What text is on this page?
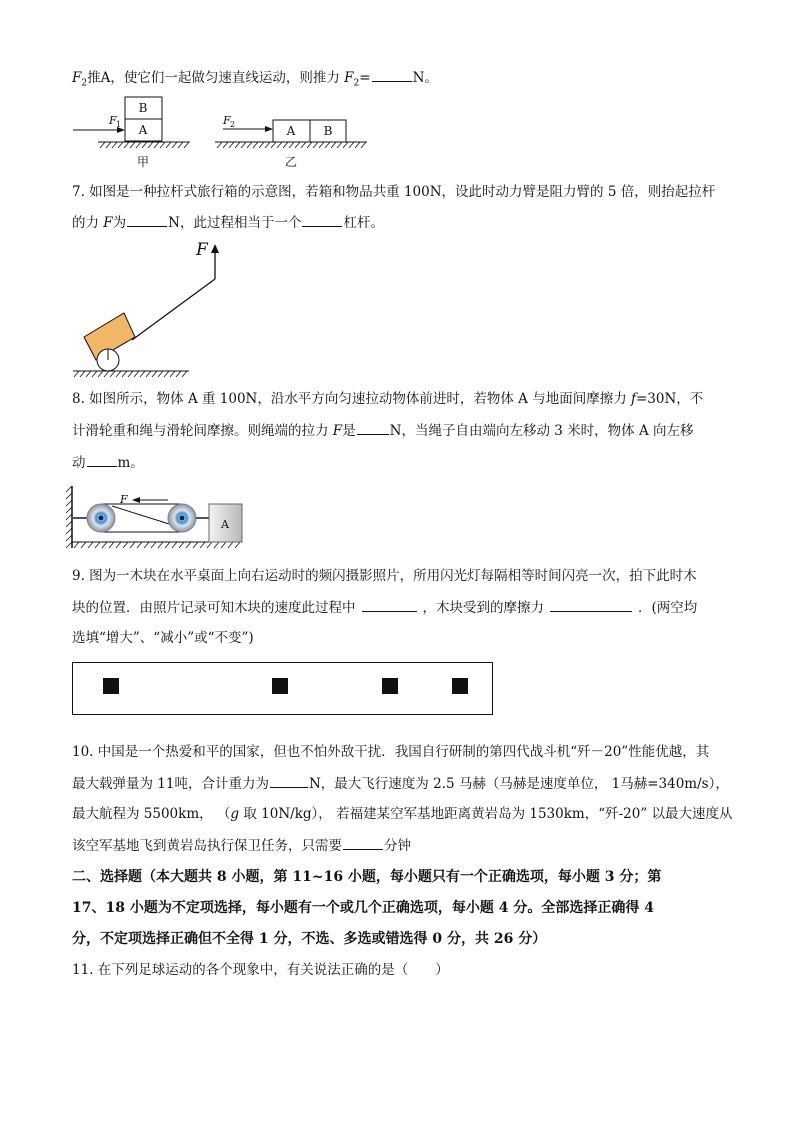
$F_2$推A，使它们一起做匀速直线运动，则推力 $F_2=$	N。
B
A
F 1
甲
A B
F 2
乙
7. 如图是一种拉杆式旅行箱的示意图，若箱和物品共重 100N，设此时动力臂是阻力臂的 5 倍，则抬起拉杆
的力 F为	N，此过程相当于一个	杠杆。
F
8. 如图所示，物体 A 重 100N，沿水平方向匀速拉动物体前进时，若物体 A 与地面间摩擦力 f=30N，不
计滑轮重和绳与滑轮间摩擦。则绳端的拉力 F是	N，当绳子自由端向左移动 3 米时，物体 A 向左移
动 m。
A
F
9. 图为一木块在水平桌面上向右运动时的频闪摄影照片，所用闪光灯每隔相等时间闪亮一次，拍下此时木
块的位置．由照片记录可知木块的速度此过程中	，木块受到的摩擦力	．(两空均
选填“增大”、“减小”或“不变”)
10. 中国是一个热爱和平的国家，但也不怕外敌干扰．我国自行研制的第四代战斗机“歼－20”性能优越，其
最大载弹量为 11吨，合计重力为	N，最大飞行速度为 2.5 马赫（马赫是速度单位， 1马赫=340m/s），
最大航程为 5500km， （g 取 10N/kg）， 若福建某空军基地距离黄岩岛为 1530km，“歼-20” 以最大速度从
该空军基地飞到黄岩岛执行保卫任务，只需要	分钟
二、选择题（本大题共 8 小题，第 11~16 小题，每小题只有一个正确选项，每小题 3 分；第
17、18 小题为不定项选择，每小题有一个或几个正确选项，每小题 4 分。全部选择正确得 4
分，不定项选择正确但不全得 1 分，不选、多选或错选得 0 分，共 26 分）
11. 在下列足球运动的各个现象中，有关说法正确的是（　　）
